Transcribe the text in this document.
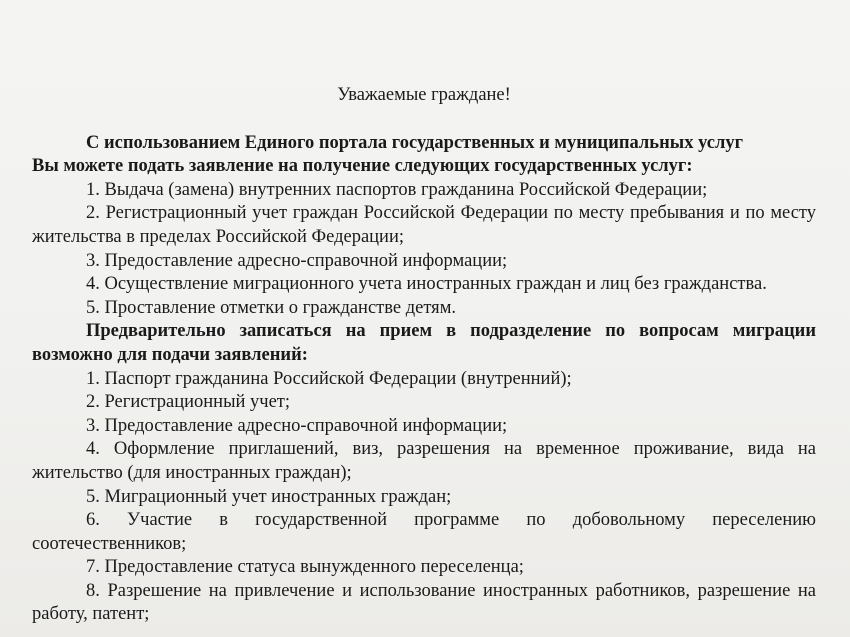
Уважаемые граждане!

С использованием Единого портала государственных и муниципальных услуг
Вы можете подать заявление на получение следующих государственных услуг:

1. Выдача (замена) внутренних паспортов гражданина Российской Федерации;

2. Регистрационный учет граждан Российской Федерации по месту пребывания и по месту жительства в пределах Российской Федерации;

3. Предоставление адресно-справочной информации;

4. Осуществление миграционного учета иностранных граждан и лиц без гражданства.

5. Проставление отметки о гражданстве детям.

Предварительно записаться на прием в подразделение по вопросам миграции возможно для подачи заявлений:

1. Паспорт гражданина Российской Федерации (внутренний);

2. Регистрационный учет;

3. Предоставление адресно-справочной информации;

4. Оформление приглашений, виз, разрешения на временное проживание, вида на жительство (для иностранных граждан);

5. Миграционный учет иностранных граждан;

6. Участие в государственной программе по добовольному переселению соотечественников;

7. Предоставление статуса вынужденного переселенца;

8. Разрешение на привлечение и использование иностранных работников, разрешение на работу, патент;
